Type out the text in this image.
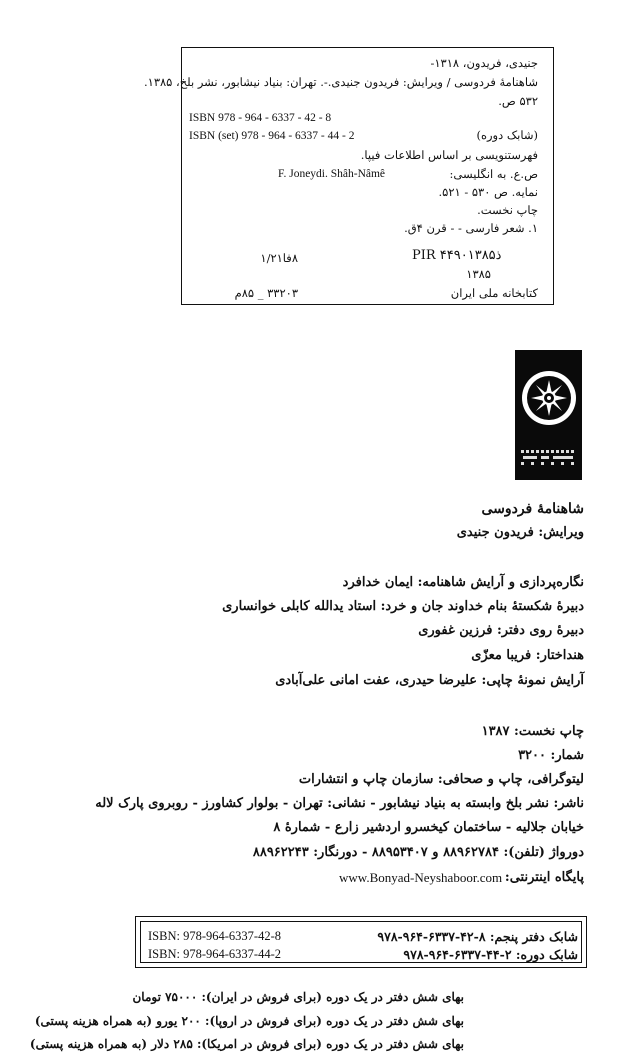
جنیدی، فریدون، ۱۳۱۸-
شاهنامهٔ فردوسی / ویرایش: فریدون جنیدی.-. تهران: بنیاد نیشابور، نشر بلخ، ۱۳۸۵.
۵۳۲ ص.
ISBN 978 - 964 - 6337 - 42 - 8
(شابک دوره)
ISBN (set) 978 - 964 - 6337 - 44 - 2
فهرستنویسی بر اساس اطلاعات فیپا.
ص.ع. به انگلیسی:
F. Joneydi. Shâh-Nâmê
نمایه. ص ۵۳۰ - ۵۲۱.
چاپ نخست.
۱. شعر فارسی - - قرن ۴ق.
PIR ۴۴۹۰۱۳۸۵ذ
۸فا۱/۲۱
۱۳۸۵
کتابخانه ملی ایران
۳۳۲۰۳ _ ۸۵م
شاهنامهٔ فردوسی
ویرایش: فریدون جنیدی
نگاره‌پردازی و آرایش شاهنامه: ایمان خدافرد
دبیرهٔ شکستهٔ بنام خداوند جان و خرد: استاد یدالله کابلی خوانساری
دبیرهٔ روی دفتر: فرزین غفوری
هنداختار: فریبا معزّی
آرایش نمونهٔ چاپی: علیرضا حیدری، عفت امانی علی‌آبادی
چاپ نخست: ۱۳۸۷
شمار: ۳۲۰۰
لیتوگرافی، چاپ و صحافی: سازمان چاپ و انتشارات
ناشر: نشر بلخ وابسته به بنیاد نیشابور - نشانی: تهران - بولوار کشاورز - روبروی پارک لاله
خیابان جلالیه - ساختمان کیخسرو اردشیر زارع - شمارهٔ ۸
دورواژ (تلفن): ۸۸۹۶۲۷۸۴ و ۸۸۹۵۳۴۰۷ - دورنگار: ۸۸۹۶۲۲۴۳
پایگاه اینترنتی:
www.Bonyad-Neyshaboor.com
شابک دفتر پنجم: ۸-۴۲-۶۳۳۷-۹۶۴-۹۷۸
ISBN: 978-964-6337-42-8
شابک دوره: ۲-۴۴-۶۳۳۷-۹۶۴-۹۷۸
ISBN: 978-964-6337-44-2
بهای شش دفتر در یک دوره (برای فروش در ایران): ۷۵۰۰۰ تومان
بهای شش دفتر در یک دوره (برای فروش در اروپا): ۲۰۰ یورو (به همراه هزینه پستی)
بهای شش دفتر در یک دوره (برای فروش در امریکا): ۲۸۵ دلار (به همراه هزینه پستی)
